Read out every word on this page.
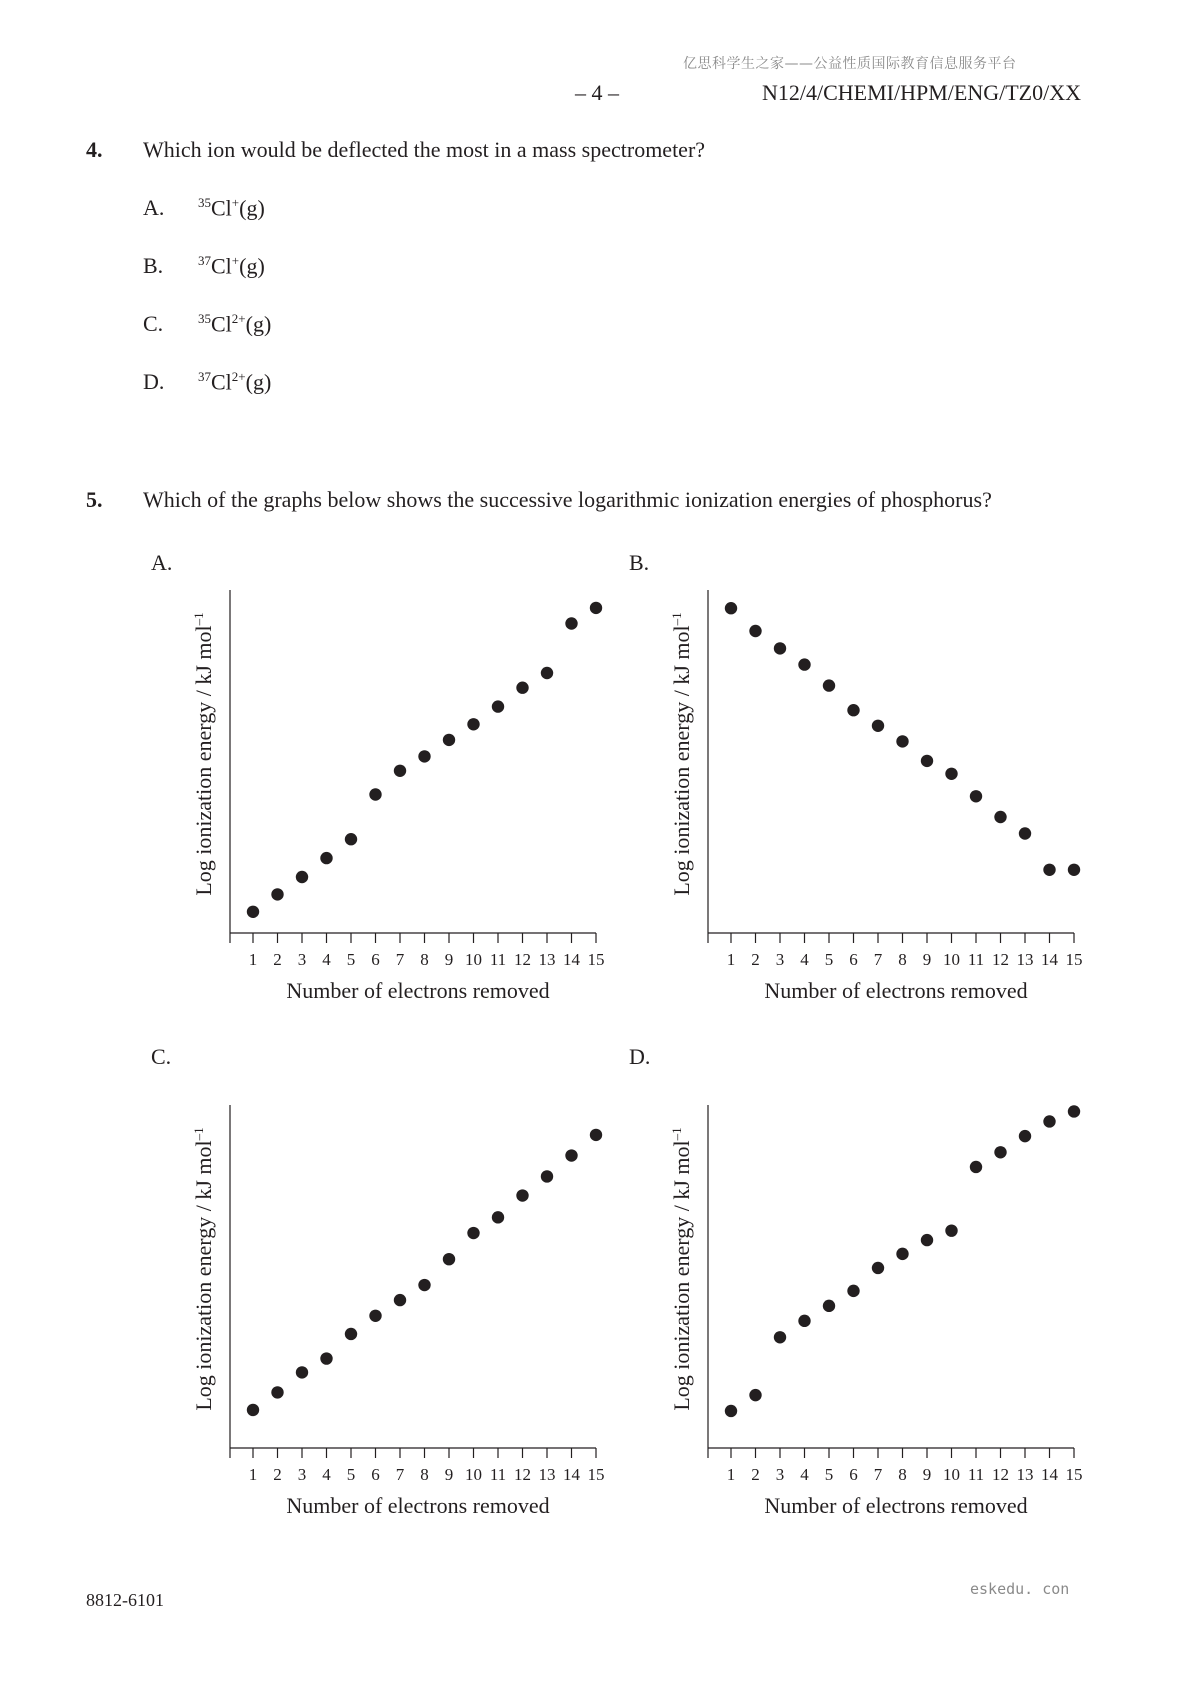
亿思科学生之家——公益性质国际教育信息服务平台
– 4 –	N12/4/CHEMI/HPM/ENG/TZ0/XX
4. Which ion would be deflected the most in a mass spectrometer?
A.	$^{35}$Cl+(g)
B.	$^{37}$Cl+(g)
C.	$^{35}Cl^{2+}(g)$
D.	$^{37}Cl^{2+}(g)$
5. Which of the graphs below shows the successive logarithmic ionization energies of phosphorus?
A.	B.
C.	D.
1 2 3 4 5 6 7 8 9 10 11 12 13 14 15
Log ionization energy / kJ mol$^{-1}$
Number of electrons removed
1 2 3 4 5 6 7 8 9 10 11 12 13 14 15
Log ionization energy / kJ mol$^{-1}$
Number of electrons removed
1 2 3 4 5 6 7 8 9 10 11 12 13 14 15
Log ionization energy / kJ mol$^{-1}$
Number of electrons removed
1 2 3 4 5 6 7 8 9 10 11 12 13 14 15
Log ionization energy / kJ mol$^{-1}$
Number of electrons removed
8812-6101
eskedu. con
